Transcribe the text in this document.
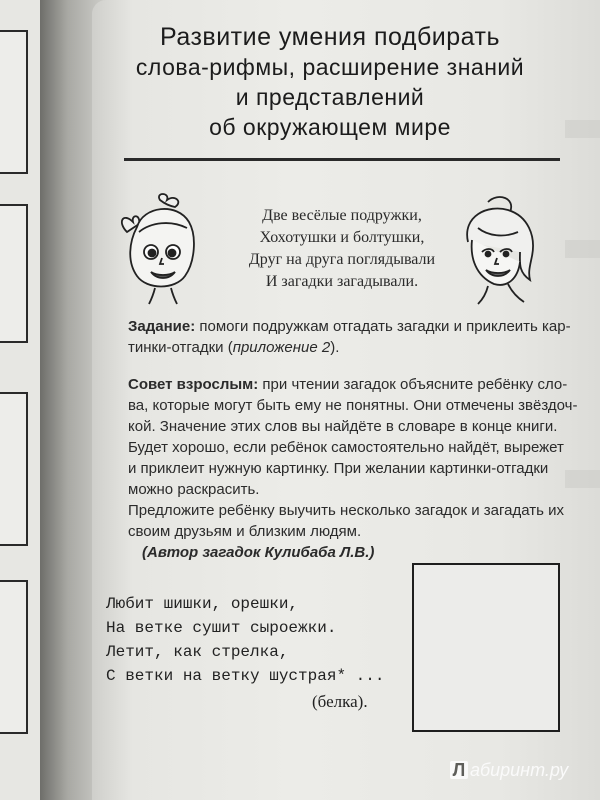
Развитие умения подбирать
слова-рифмы, расширение знаний
и представлений
об окружающем мире
Две весёлые подружки,
Хохотушки и болтушки,
Друг на друга поглядывали
И загадки загадывали.
Задание: помоги подружкам отгадать загадки и приклеить кар-
тинки-отгадки (приложение 2).
Совет взрослым: при чтении загадок объясните ребёнку сло-
ва, которые могут быть ему не понятны. Они отмечены звёздоч-
кой. Значение этих слов вы найдёте в словаре в конце книги.
Будет хорошо, если ребёнок самостоятельно найдёт, вырежет
и приклеит нужную картинку. При желании картинки-отгадки
можно раскрасить.
Предложите ребёнку выучить несколько загадок и загадать их
своим друзьям и близким людям.
(Автор загадок Кулибаба Л.В.)
Любит шишки, орешки,
На ветке сушит сыроежки.
Летит, как стрелка,
С ветки на ветку шустрая* ...
(белка).
Л абиринт.ру
